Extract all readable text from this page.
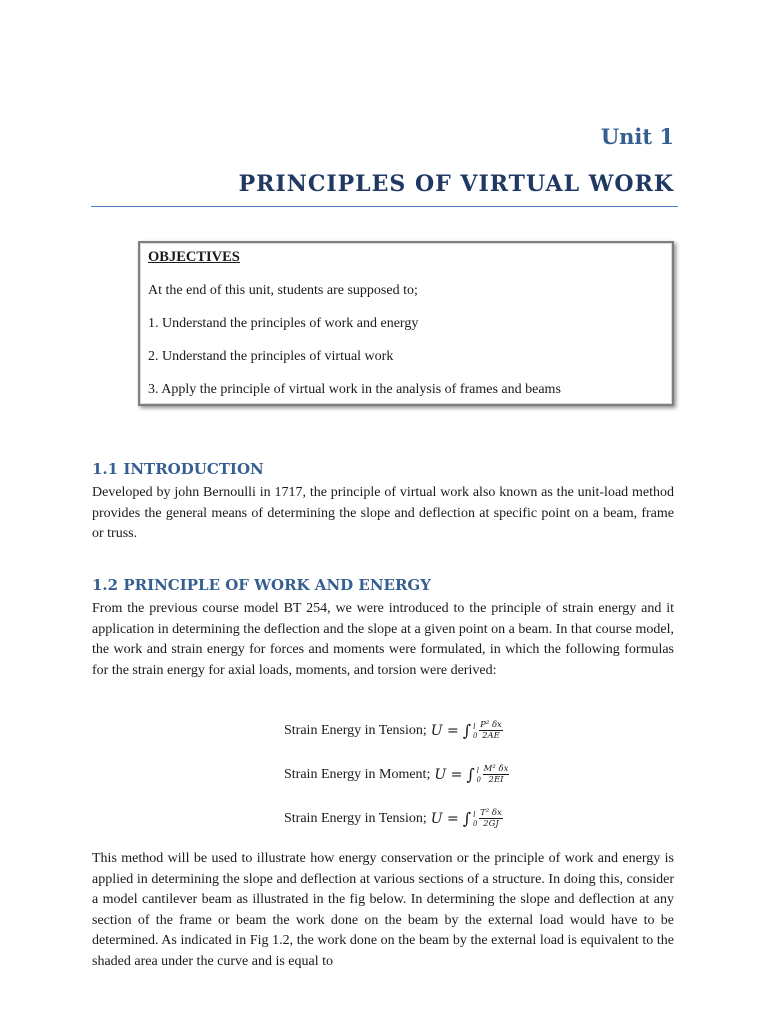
Unit 1
PRINCIPLES OF VIRTUAL WORK
OBJECTIVES
At the end of this unit, students are supposed to;
1. Understand the principles of work and energy
2. Understand the principles of virtual work
3. Apply the principle of virtual work in the analysis of frames and beams
1.1 INTRODUCTION

Developed by john Bernoulli in 1717, the principle of virtual work also known as the unit-load method provides the general means of determining the slope and deflection at specific point on a beam, frame or truss.

1.2 PRINCIPLE OF WORK AND ENERGY

From the previous course model BT 254, we were introduced to the principle of strain energy and it application in determining the deflection and the slope at a given point on a beam. In that course model, the work and strain energy for forces and moments were formulated, in which the following formulas for the strain energy for axial loads, moments, and torsion were derived:

Strain Energy in Tension; U = ∫ l
$0 \frac{\text{P² δx}}{2AE}$
Strain Energy in Moment; U = ∫ l
$0 \frac{\text{M² δx}}{2EI}$
Strain Energy in Tension; U = ∫ l
$0 \frac{\text{T² δx}}{2GJ}$

This method will be used to illustrate how energy conservation or the principle of work and energy is applied in determining the slope and deflection at various sections of a structure. In doing this, consider a model cantilever beam as illustrated in the fig below. In determining the slope and deflection at any section of the frame or beam the work done on the beam by the external load would have to be determined. As indicated in Fig 1.2, the work done on the beam by the external load is equivalent to the shaded area under the curve and is equal to
